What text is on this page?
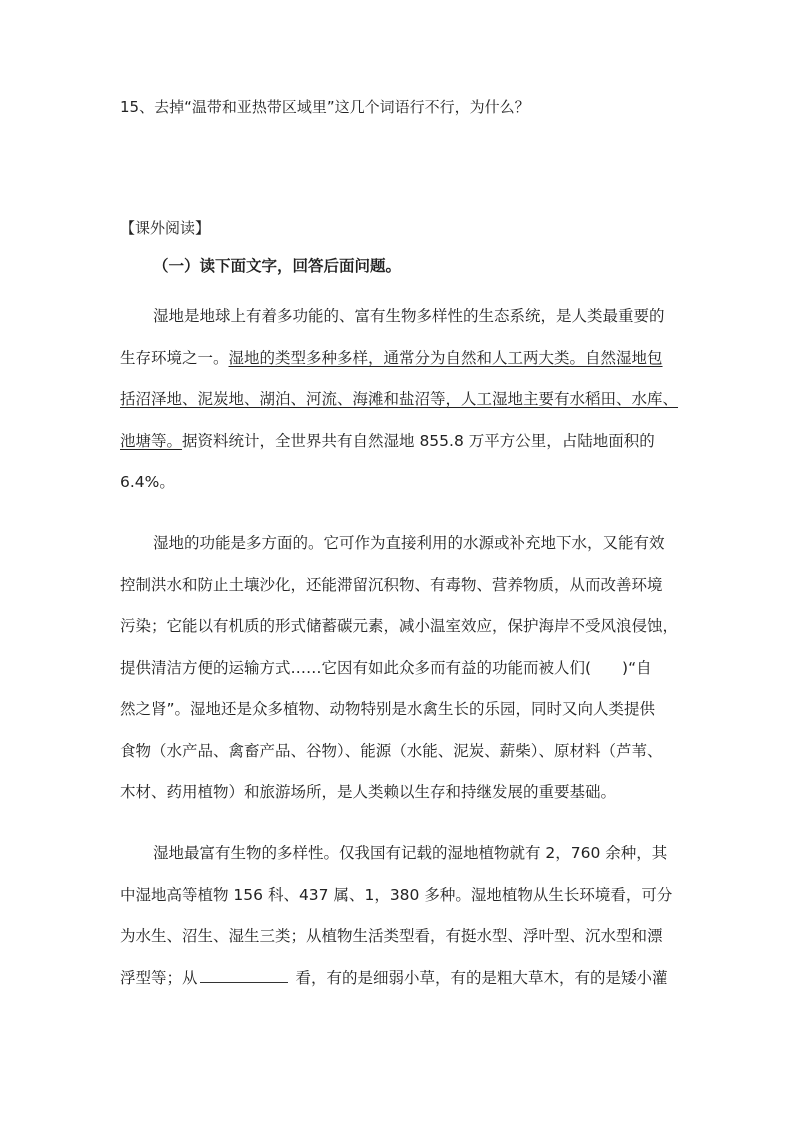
15、去掉“温带和亚热带区域里”这几个词语行不行，为什么？
【课外阅读】
（一）读下面文字，回答后面问题。
湿地是地球上有着多功能的、富有生物多样性的生态系统，是人类最重要的
生存环境之一。湿地的类型多种多样，通常分为自然和人工两大类。自然湿地包
括沼泽地、泥炭地、湖泊、河流、海滩和盐沼等，人工湿地主要有水稻田、水库、
池塘等。据资料统计，全世界共有自然湿地 855.8 万平方公里，占陆地面积的
6.4%。
湿地的功能是多方面的。它可作为直接利用的水源或补充地下水，又能有效
控制洪水和防止土壤沙化，还能滞留沉积物、有毒物、营养物质，从而改善环境
污染；它能以有机质的形式储蓄碳元素，减小温室效应，保护海岸不受风浪侵蚀，
提供清洁方便的运输方式……它因有如此众多而有益的功能而被人们(　　)“自
然之肾”。湿地还是众多植物、动物特别是水禽生长的乐园，同时又向人类提供
食物（水产品、禽畜产品、谷物）、能源（水能、泥炭、薪柴）、原材料（芦苇、
木材、药用植物）和旅游场所，是人类赖以生存和持继发展的重要基础。
湿地最富有生物的多样性。仅我国有记载的湿地植物就有 2，760 余种，其
中湿地高等植物 156 科、437 属、1，380 多种。湿地植物从生长环境看，可分
为水生、沼生、湿生三类；从植物生活类型看，有挺水型、浮叶型、沉水型和漂
浮型等；从	看，有的是细弱小草，有的是粗大草木，有的是矮小灌
